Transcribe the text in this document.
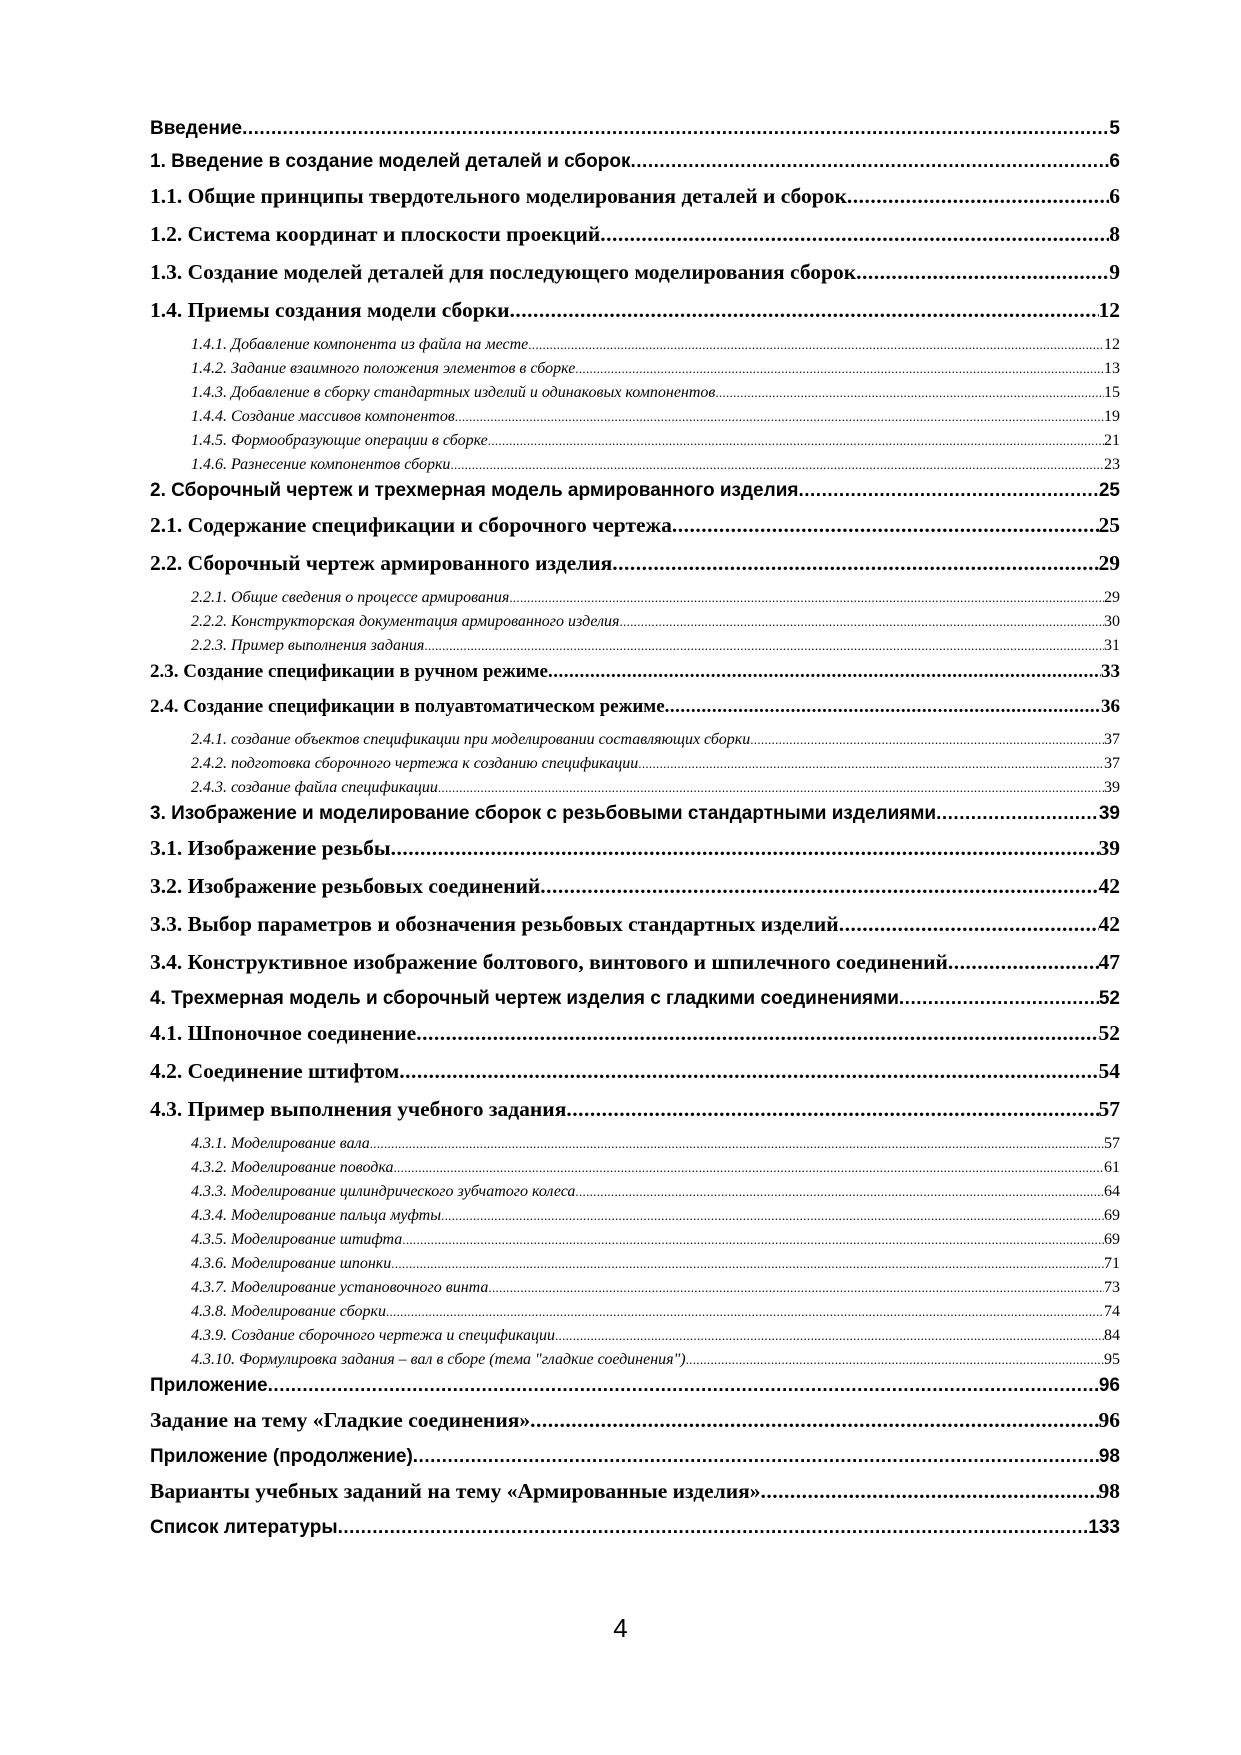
Введение .....	5
1. Введение в создание моделей деталей и сборок .....	6
1.1. Общие принципы твердотельного моделирования деталей и сборок .....	6
1.2. Система координат и плоскости проекций .....	8
1.3. Создание моделей деталей для последующего моделирования сборок .....	9
1.4. Приемы создания модели сборки .....	12
1.4.1. Добавление компонента из файла на месте .....	12
1.4.2. Задание взаимного положения элементов в сборке .....	13
1.4.3. Добавление в сборку стандартных изделий и одинаковых компонентов .....	15
1.4.4. Создание массивов компонентов .....	19
1.4.5. Формообразующие операции в сборке .....	21
1.4.6. Разнесение компонентов сборки .....	23
2. Сборочный чертеж и трехмерная модель армированного изделия .....	25
2.1. Содержание спецификации и сборочного чертежа .....	25
2.2. Сборочный чертеж армированного изделия .....	29
2.2.1. Общие сведения о процессе армирования .....	29
2.2.2. Конструкторская документация армированного изделия .....	30
2.2.3. Пример выполнения задания .....	31
2.3. Создание спецификации в ручном режиме .....	33
2.4. Создание спецификации в полуавтоматическом режиме .....	36
2.4.1. создание объектов спецификации при моделировании составляющих сборки .....	37
2.4.2. подготовка сборочного чертежа к созданию спецификации .....	37
2.4.3. создание файла спецификации .....	39
3. Изображение и моделирование сборок с резьбовыми стандартными изделиями .....	39
3.1. Изображение резьбы .....	39
3.2. Изображение резьбовых соединений .....	42
3.3. Выбор параметров и обозначения резьбовых стандартных изделий .....	42
3.4. Конструктивное изображение болтового, винтового и шпилечного соединений .....	47
4. Трехмерная модель и сборочный чертеж изделия с гладкими соединениями .....	52
4.1. Шпоночное соединение .....	52
4.2. Соединение штифтом .....	54
4.3. Пример выполнения учебного задания .....	57
4.3.1. Моделирование вала .....	57
4.3.2. Моделирование поводка .....	61
4.3.3. Моделирование цилиндрического зубчатого колеса .....	64
4.3.4. Моделирование пальца муфты .....	69
4.3.5. Моделирование штифта .....	69
4.3.6. Моделирование шпонки .....	71
4.3.7. Моделирование установочного винта .....	73
4.3.8. Моделирование сборки .....	74
4.3.9. Создание сборочного чертежа и спецификации .....	84
4.3.10. Формулировка задания – вал в сборе (тема "гладкие соединения") .....	95
Приложение .....	96
Задание на тему «Гладкие соединения» .....	96
Приложение (продолжение) .....	98
Варианты учебных заданий на тему «Армированные изделия» .....	98
Список литературы .....	133
4
